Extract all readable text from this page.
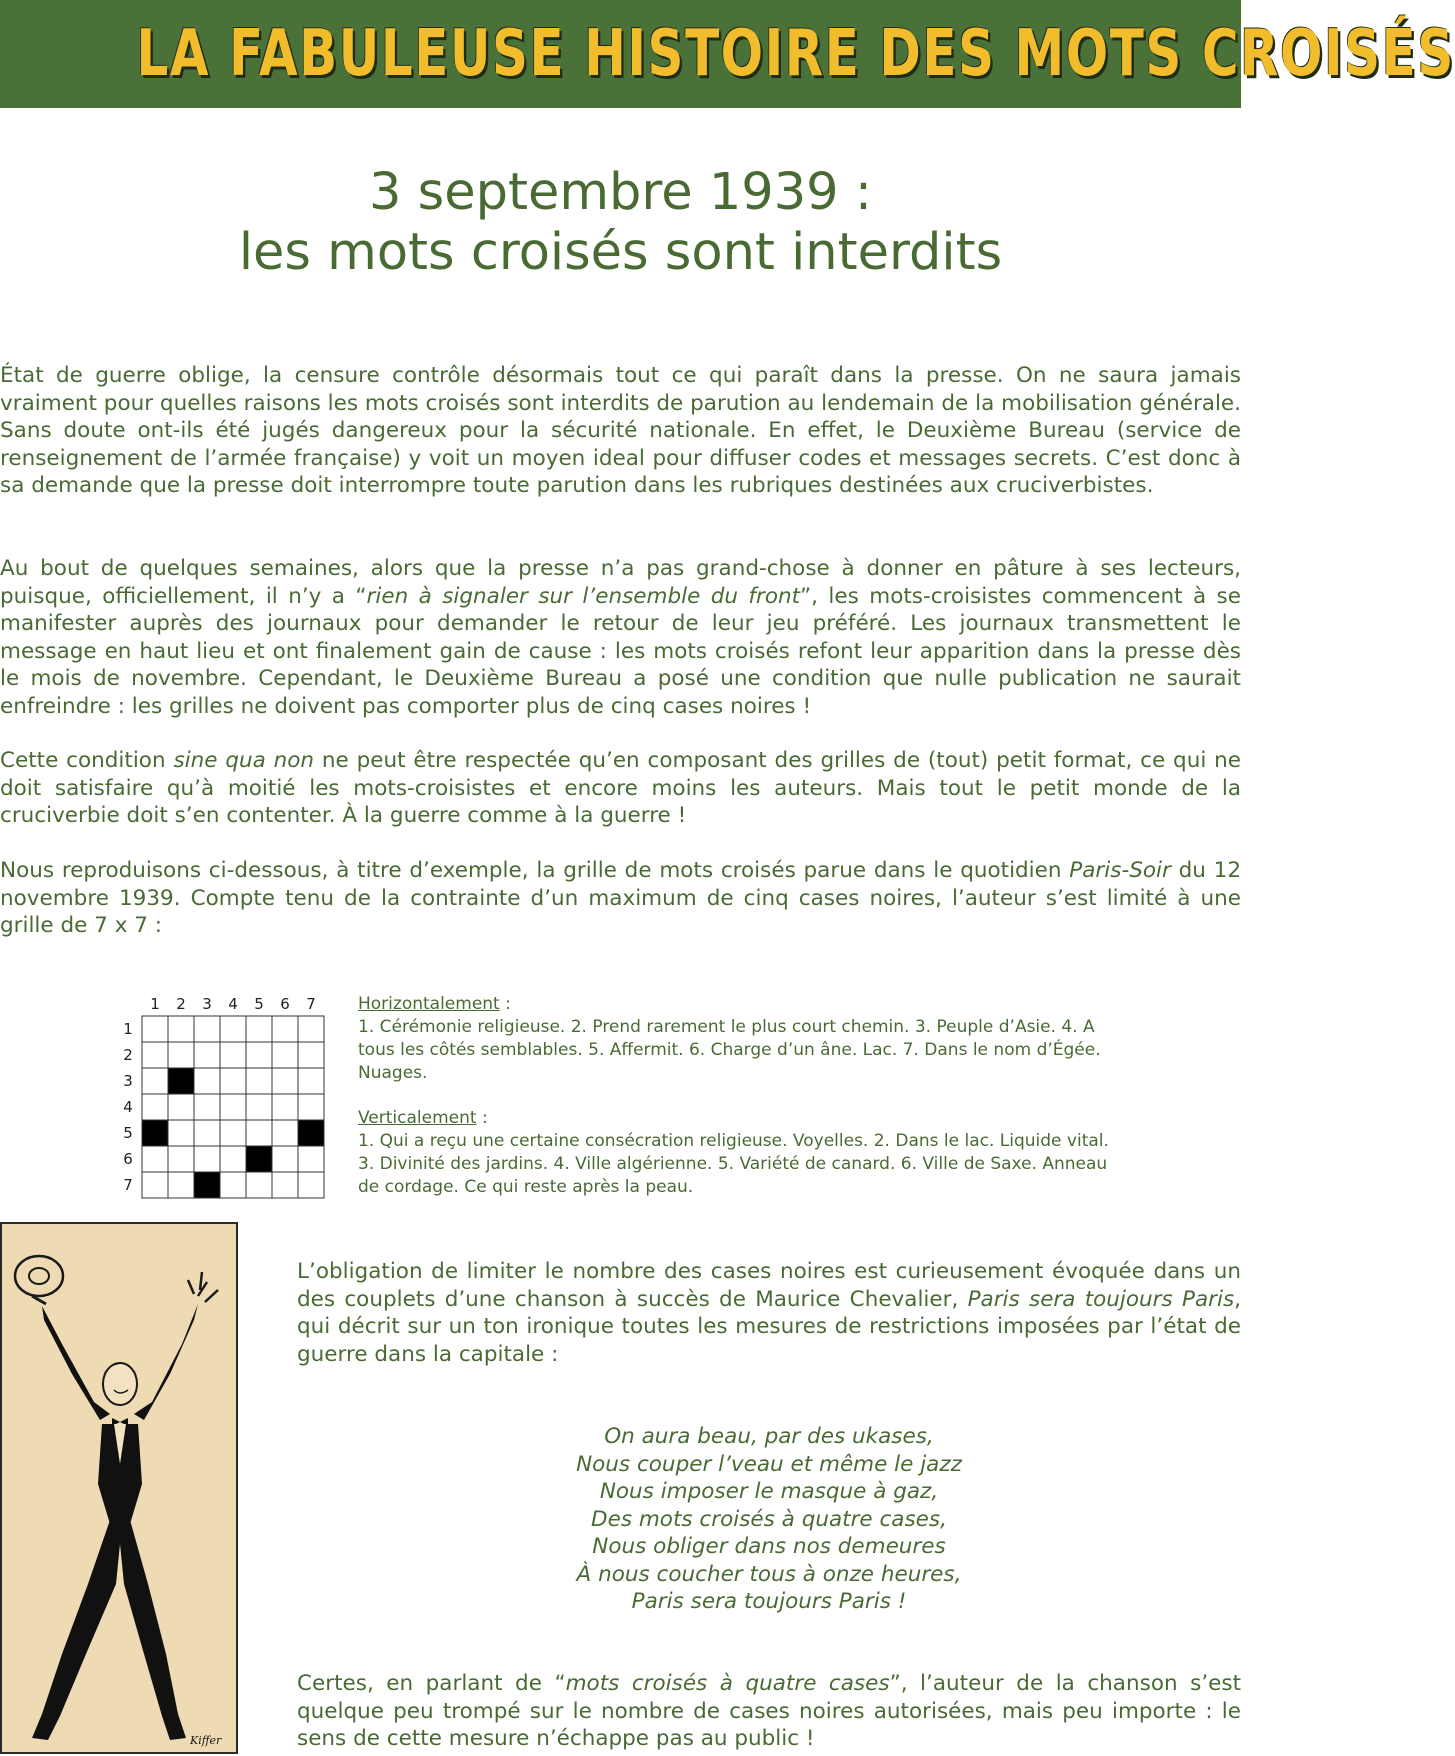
LA FABULEUSE HISTOIRE DES MOTS CROISÉS
3 septembre 1939 :
les mots croisés sont interdits

État de guerre oblige, la censure contrôle désormais tout ce qui paraît dans la presse. On ne saura jamais vraiment pour quelles raisons les mots croisés sont interdits de parution au lendemain de la mobilisation générale. Sans doute ont-ils été jugés dangereux pour la sécurité nationale. En effet, le Deuxième Bureau (service de renseignement de l’armée française) y voit un moyen ideal pour diffuser codes et messages secrets. C’est donc à sa demande que la presse doit interrompre toute parution dans les rubriques destinées aux cruciverbistes.

Au bout de quelques semaines, alors que la presse n’a pas grand-chose à donner en pâture à ses lecteurs, puisque, officiellement, il n’y a “rien à signaler sur l’ensemble du front”, les mots-croisistes commencent à se manifester auprès des journaux pour demander le retour de leur jeu préféré. Les journaux transmettent le message en haut lieu et ont finalement gain de cause : les mots croisés refont leur apparition dans la presse dès le mois de novembre. Cependant, le Deuxième Bureau a posé une condition que nulle publication ne saurait enfreindre : les grilles ne doivent pas comporter plus de cinq cases noires !

Cette condition sine qua non ne peut être respectée qu’en composant des grilles de (tout) petit format, ce qui ne doit satisfaire qu’à moitié les mots-croisistes et encore moins les auteurs. Mais tout le petit monde de la cruciverbie doit s’en contenter. À la guerre comme à la guerre !

Nous reproduisons ci-dessous, à titre d’exemple, la grille de mots croisés parue dans le quotidien Paris-Soir du 12 novembre 1939. Compte tenu de la contrainte d’un maximum de cinq cases noires, l’auteur s’est limité à une grille de 7 x 7 :

1 2 3 4 5 6 7
1
2
3
4
5
6
7

Horizontalement :

1. Cérémonie religieuse. 2. Prend rarement le plus court chemin. 3. Peuple d’Asie. 4. A tous les côtés semblables. 5. Affermit. 6. Charge d’un âne. Lac. 7. Dans le nom d’Égée. Nuages.

Verticalement :

1. Qui a reçu une certaine consécration religieuse. Voyelles. 2. Dans le lac. Liquide vital. 3. Divinité des jardins. 4. Ville algérienne. 5. Variété de canard. 6. Ville de Saxe. Anneau de cordage. Ce qui reste après la peau.

Kiffer

L’obligation de limiter le nombre des cases noires est curieusement évoquée dans un des couplets d’une chanson à succès de Maurice Chevalier, Paris sera toujours Paris, qui décrit sur un ton ironique toutes les mesures de restrictions imposées par l’état de guerre dans la capitale :

On aura beau, par des ukases,
Nous couper l’veau et même le jazz
Nous imposer le masque à gaz,
Des mots croisés à quatre cases,
Nous obliger dans nos demeures
À nous coucher tous à onze heures,
Paris sera toujours Paris !

Certes, en parlant de “mots croisés à quatre cases”, l’auteur de la chanson s’est quelque peu trompé sur le nombre de cases noires autorisées, mais peu importe : le sens de cette mesure n’échappe pas au public !
